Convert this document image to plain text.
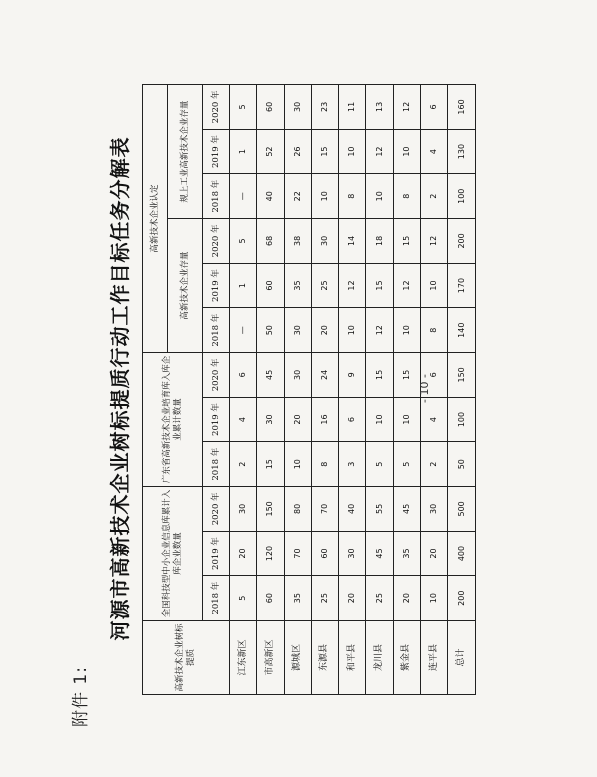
附件 1:
河源市高新技术企业树标提质行动工作目标任务分解表
高新技术企业树标提质	全国科技型中小企业信息库累计入库企业数量			广东省高新技术企业培育库入库企业累计数量			高新技术企业认定					
							高新技术企业存量			规上工业高新技术企业存量		
	2018 年	2019 年	2020 年	2018 年	2019 年	2020 年	2018 年	2019 年	2020 年	2018 年	2019 年	2020 年
江东新区	5	20	30	2	4	6	—	1	5	—	1	5
市高新区	60	120	150	15	30	45	50	60	68	40	52	60
源城区	35	70	80	10	20	30	30	35	38	22	26	30
东源县	25	60	70	8	16	24	20	25	30	10	15	23
和平县	20	30	40	3	6	9	10	12	14	8	10	11
龙川县	25	45	55	5	10	15	12	15	18	10	12	13
紫金县	20	35	45	5	10	15	10	12	15	8	10	12
连平县	10	20	30	2	4	6	8	10	12	2	4	6
总计	200	400	500	50	100	150	140	170	200	100	130	160
- 10 -
